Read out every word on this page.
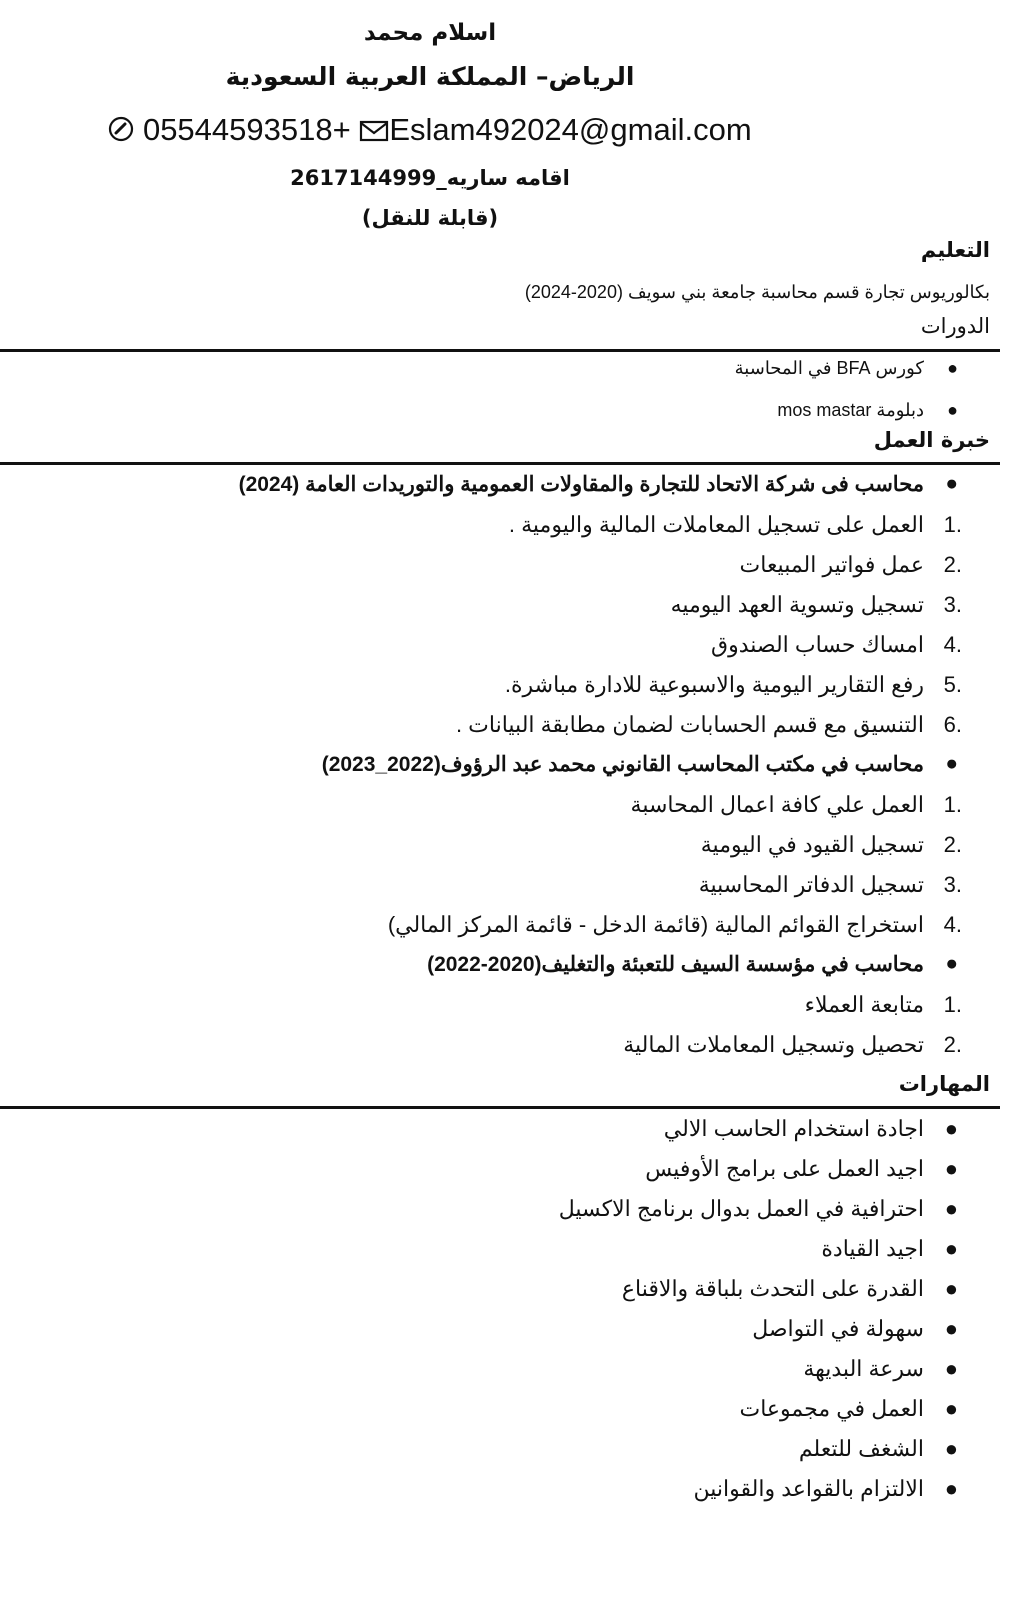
اسلام محمد
الرياض– المملكة العربية السعودية
05544593518+ Eslam492024@gmail.com
اقامه ساريه_2617144999
(قابلة للنقل)
التعليم
بكالوريوس تجارة قسم محاسبة جامعة بني سويف (2020-2024)
الدورات
●
كورس BFA في المحاسبة
●
دبلومة mos mastar
خبرة العمل
●
محاسب فى شركة الاتحاد للتجارة والمقاولات العمومية والتوريدات العامة (2024)
.1
العمل على تسجيل المعاملات المالية واليومية .
.2
عمل فواتير المبيعات
.3
تسجيل وتسوية العهد اليوميه
.4
امساك حساب الصندوق
.5
رفع التقارير اليومية والاسبوعية للادارة مباشرة.
.6
التنسيق مع قسم الحسابات لضمان مطابقة البيانات .
●
محاسب في مكتب المحاسب القانوني محمد عبد الرؤوف(2022_2023)
.1
العمل علي كافة اعمال المحاسبة
.2
تسجيل القيود في اليومية
.3
تسجيل الدفاتر المحاسبية
.4
استخراج القوائم المالية (قائمة الدخل - قائمة المركز المالي)
●
محاسب في مؤسسة السيف للتعبئة والتغليف(2020-2022)
.1
متابعة العملاء
.2
تحصيل وتسجيل المعاملات المالية
المهارات
●
اجادة استخدام الحاسب الالي
●
اجيد العمل على برامج الأوفيس
●
احترافية في العمل بدوال برنامج الاكسيل
●
اجيد القيادة
●
القدرة على التحدث بلباقة والاقناع
●
سهولة في التواصل
●
سرعة البديهة
●
العمل في مجموعات
●
الشغف للتعلم
●
الالتزام بالقواعد والقوانين
